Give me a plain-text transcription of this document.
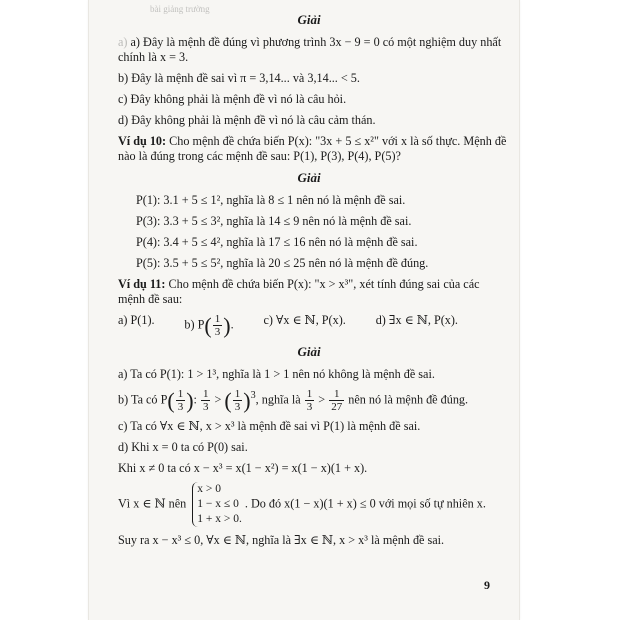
bài giảng trường

Giải

a) a) Đây là mệnh đề đúng vì phương trình 3x − 9 = 0 có một nghiệm duy nhất

chính là x = 3.

b) Đây là mệnh đề sai vì π = 3,14... và 3,14... < 5.

c) Đây không phải là mệnh đề vì nó là câu hỏi.

d) Đây không phải là mệnh đề vì nó là câu cảm thán.

Ví dụ 10: Cho mệnh đề chứa biến P(x): "3x + 5 ≤ x²" với x là số thực. Mệnh đề

nào là đúng trong các mệnh đề sau: P(1), P(3), P(4), P(5)?

Giải

P(1): 3.1 + 5 ≤ 1², nghĩa là 8 ≤ 1 nên nó là mệnh đề sai.

P(3): 3.3 + 5 ≤ 3², nghĩa là 14 ≤ 9 nên nó là mệnh đề sai.

P(4): 3.4 + 5 ≤ 4², nghĩa là 17 ≤ 16 nên nó là mệnh đề sai.

P(5): 3.5 + 5 ≤ 5², nghĩa là 20 ≤ 25 nên nó là mệnh đề đúng.

Ví dụ 11: Cho mệnh đề chứa biến P(x): "x > x³", xét tính đúng sai của các

mệnh đề sau:

a) P(1). b) $P( \frac{1}{3}$ ). c) ∀x ∈ ℕ, P(x). d) ∃x ∈ ℕ, P(x).

Giải

a) Ta có P(1): 1 > 1³, nghĩa là 1 > 1 nên nó không là mệnh đề sai.

b) Ta có $P( \frac{1}{3}$ ): $\frac{1}{3}$ > ( $\frac{1}{3} )^3$, nghĩa là $\frac{1}{3} > \frac{1}{27}$ nên nó là mệnh đề đúng.

c) Ta có ∀x ∈ ℕ, x > x³ là mệnh đề sai vì P(1) là mệnh đề sai.

d) Khi x = 0 ta có P(0) sai.

Khi x ≠ 0 ta có x − x³ = x(1 − x²) = x(1 − x)(1 + x).

Vì x ∈ ℕ nên
x > 0
1 − x ≤ 0
1 + x > 0.
. Do đó x(1 − x)(1 + x) ≤ 0 với mọi số tự nhiên x.

Suy ra x − x³ ≤ 0, ∀x ∈ ℕ, nghĩa là ∃x ∈ ℕ, x > x³ là mệnh đề sai.

9
